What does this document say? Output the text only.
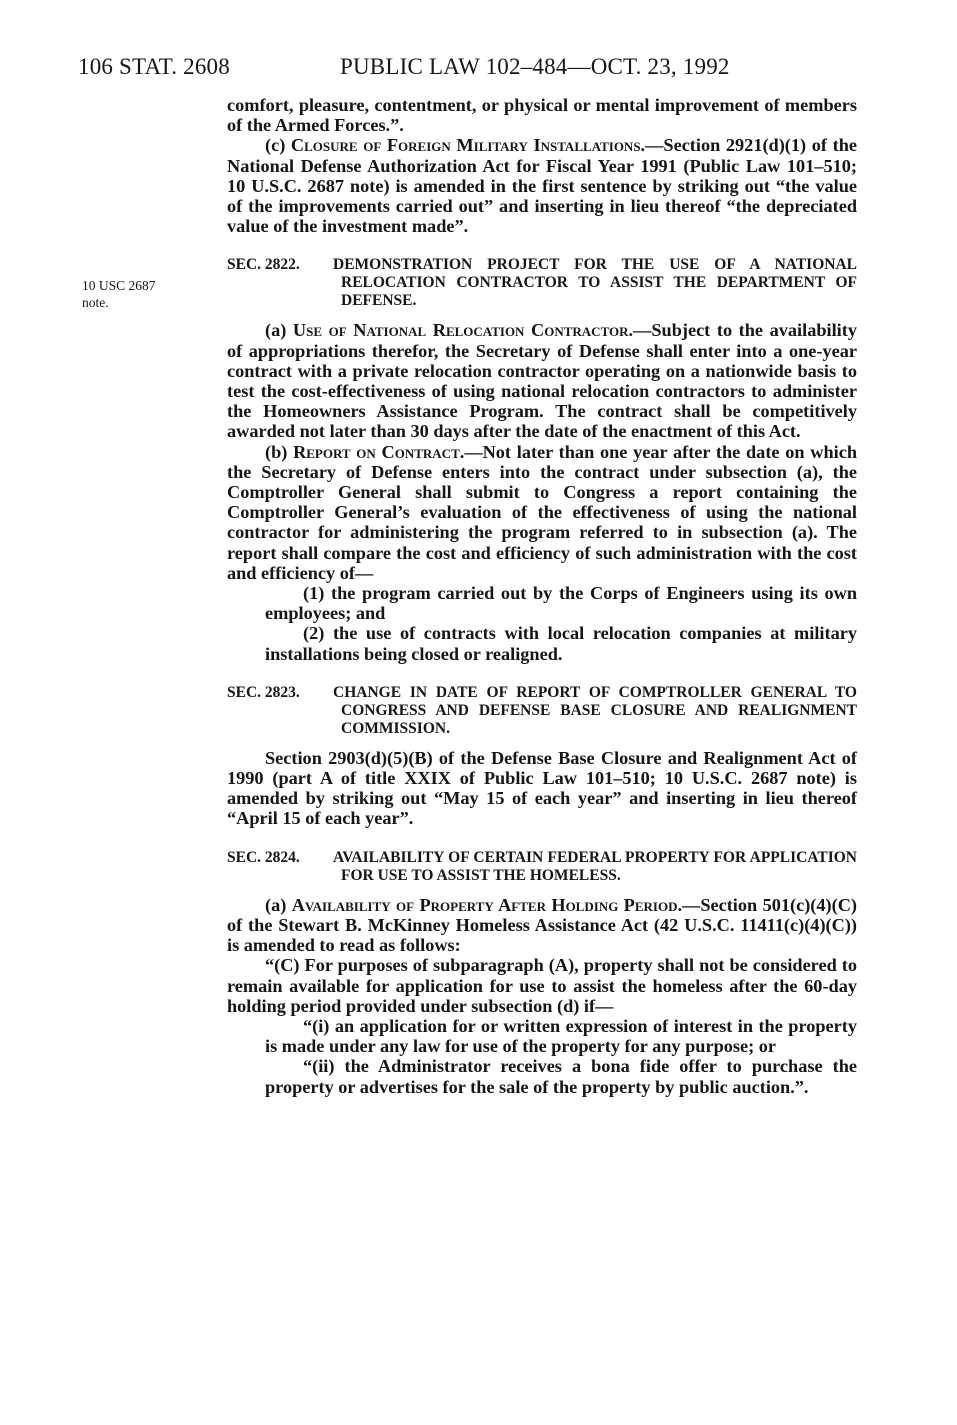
106 STAT. 2608	PUBLIC LAW 102–484—OCT. 23, 1992
10 USC 2687
note.

comfort, pleasure, contentment, or physical or mental improvement of members of the Armed Forces.”.

(c) Closure of Foreign Military Installations.—Section 2921(d)(1) of the National Defense Authorization Act for Fiscal Year 1991 (Public Law 101–510; 10 U.S.C. 2687 note) is amended in the first sentence by striking out “the value of the improvements carried out” and inserting in lieu thereof “the depreciated value of the investment made”.

SEC. 2822. DEMONSTRATION PROJECT FOR THE USE OF A NATIONAL RELOCATION CONTRACTOR TO ASSIST THE DEPARTMENT OF DEFENSE.

(a) Use of National Relocation Contractor.—Subject to the availability of appropriations therefor, the Secretary of Defense shall enter into a one-year contract with a private relocation contractor operating on a nationwide basis to test the cost-effectiveness of using national relocation contractors to administer the Homeowners Assistance Program. The contract shall be competitively awarded not later than 30 days after the date of the enactment of this Act.

(b) Report on Contract.—Not later than one year after the date on which the Secretary of Defense enters into the contract under subsection (a), the Comptroller General shall submit to Congress a report containing the Comptroller General’s evaluation of the effectiveness of using the national contractor for administering the program referred to in subsection (a). The report shall compare the cost and efficiency of such administration with the cost and efficiency of—

(1) the program carried out by the Corps of Engineers using its own employees; and

(2) the use of contracts with local relocation companies at military installations being closed or realigned.

SEC. 2823. CHANGE IN DATE OF REPORT OF COMPTROLLER GENERAL TO CONGRESS AND DEFENSE BASE CLOSURE AND REALIGNMENT COMMISSION.

Section 2903(d)(5)(B) of the Defense Base Closure and Realignment Act of 1990 (part A of title XXIX of Public Law 101–510; 10 U.S.C. 2687 note) is amended by striking out “May 15 of each year” and inserting in lieu thereof “April 15 of each year”.

SEC. 2824. AVAILABILITY OF CERTAIN FEDERAL PROPERTY FOR APPLICATION FOR USE TO ASSIST THE HOMELESS.

(a) Availability of Property After Holding Period.—Section 501(c)(4)(C) of the Stewart B. McKinney Homeless Assistance Act (42 U.S.C. 11411(c)(4)(C)) is amended to read as follows:

“(C) For purposes of subparagraph (A), property shall not be considered to remain available for application for use to assist the homeless after the 60-day holding period provided under subsection (d) if—

“(i) an application for or written expression of interest in the property is made under any law for use of the property for any purpose; or

“(ii) the Administrator receives a bona fide offer to purchase the property or advertises for the sale of the property by public auction.”.
